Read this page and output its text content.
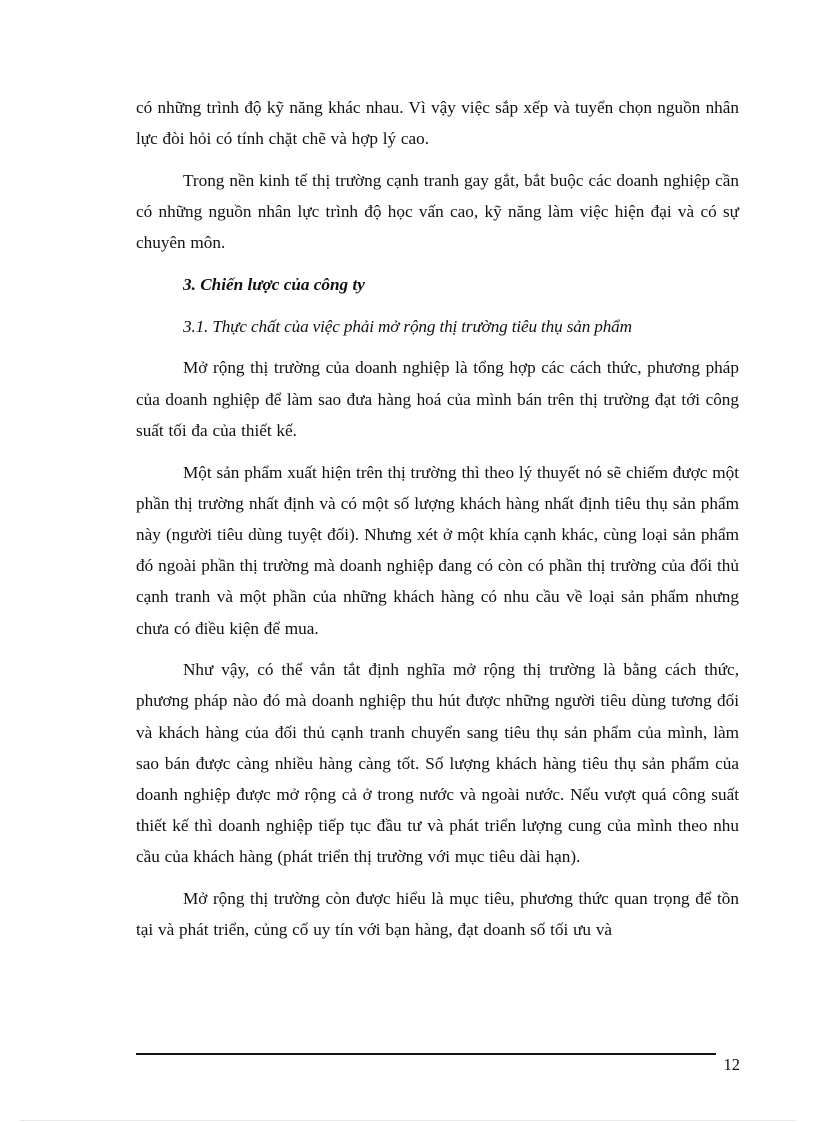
có những trình độ kỹ năng khác nhau. Vì vậy việc sắp xếp và tuyển chọn nguồn nhân lực đòi hỏi có tính chặt chẽ và hợp lý cao.

Trong nền kinh tế thị trường cạnh tranh gay gắt, bắt buộc các doanh nghiệp cần có những nguồn nhân lực trình độ học vấn cao, kỹ năng làm việc hiện đại và có sự chuyên môn.

3. Chiến lược của công ty

3.1. Thực chất của việc phải mở rộng thị trường tiêu thụ sản phẩm

Mở rộng thị trường của doanh nghiệp là tổng hợp các cách thức, phương pháp của doanh nghiệp để làm sao đưa hàng hoá của mình bán trên thị trường đạt tới công suất tối đa của thiết kế.

Một sản phẩm xuất hiện trên thị trường thì theo lý thuyết nó sẽ chiếm được một phần thị trường nhất định và có một số lượng khách hàng nhất định tiêu thụ sản phẩm này (người tiêu dùng tuyệt đối). Nhưng xét ở một khía cạnh khác, cùng loại sản phẩm đó ngoài phần thị trường mà doanh nghiệp đang có còn có phần thị trường của đối thủ cạnh tranh và một phần của những khách hàng có nhu cầu về loại sản phẩm nhưng chưa có điều kiện để mua.

Như vậy, có thể vắn tắt định nghĩa mở rộng thị trường là bằng cách thức, phương pháp nào đó mà doanh nghiệp thu hút được những người tiêu dùng tương đối và khách hàng của đối thủ cạnh tranh chuyển sang tiêu thụ sản phẩm của mình, làm sao bán được càng nhiều hàng càng tốt. Số lượng khách hàng tiêu thụ sản phẩm của doanh nghiệp được mở rộng cả ở trong nước và ngoài nước. Nếu vượt quá công suất thiết kế thì doanh nghiệp tiếp tục đầu tư và phát triển lượng cung của mình theo nhu cầu của khách hàng (phát triển thị trường với mục tiêu dài hạn).

Mở rộng thị trường còn được hiểu là mục tiêu, phương thức quan trọng để tồn tại và phát triển, củng cố uy tín với bạn hàng, đạt doanh số tối ưu và

12
